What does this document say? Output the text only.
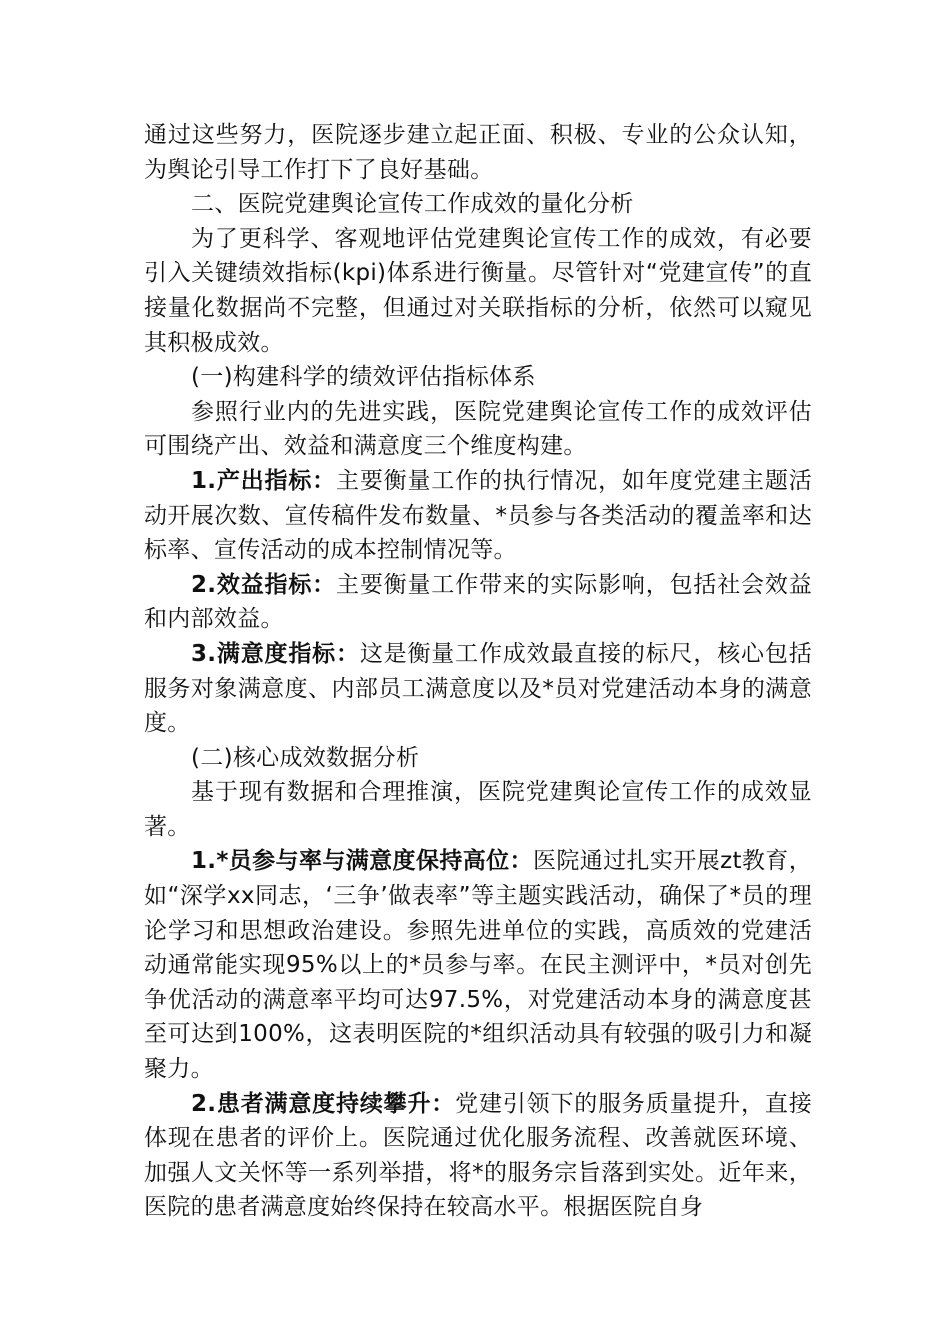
通过这些努力，医院逐步建立起正面、积极、专业的公众认知，为舆论引导工作打下了良好基础。

二、医院党建舆论宣传工作成效的量化分析

为了更科学、客观地评估党建舆论宣传工作的成效，有必要引入关键绩效指标(kpi)体系进行衡量。尽管针对“党建宣传”的直接量化数据尚不完整，但通过对关联指标的分析，依然可以窥见其积极成效。

(一)构建科学的绩效评估指标体系

参照行业内的先进实践，医院党建舆论宣传工作的成效评估可围绕产出、效益和满意度三个维度构建。

1.产出指标：主要衡量工作的执行情况，如年度党建主题活动开展次数、宣传稿件发布数量、*员参与各类活动的覆盖率和达标率、宣传活动的成本控制情况等。

2.效益指标：主要衡量工作带来的实际影响，包括社会效益和内部效益。

3.满意度指标：这是衡量工作成效最直接的标尺，核心包括服务对象满意度、内部员工满意度以及*员对党建活动本身的满意度。

(二)核心成效数据分析

基于现有数据和合理推演，医院党建舆论宣传工作的成效显著。

1.*员参与率与满意度保持高位：医院通过扎实开展zt教育，如“深学xx同志，‘三争’做表率”等主题实践活动，确保了*员的理论学习和思想政治建设。参照先进单位的实践，高质效的党建活动通常能实现95%以上的*员参与率。在民主测评中，*员对创先争优活动的满意率平均可达97.5%，对党建活动本身的满意度甚至可达到100%，这表明医院的*组织活动具有较强的吸引力和凝聚力。

2.患者满意度持续攀升：党建引领下的服务质量提升，直接体现在患者的评价上。医院通过优化服务流程、改善就医环境、加强人文关怀等一系列举措，将*的服务宗旨落到实处。近年来，医院的患者满意度始终保持在较高水平。根据医院自身
